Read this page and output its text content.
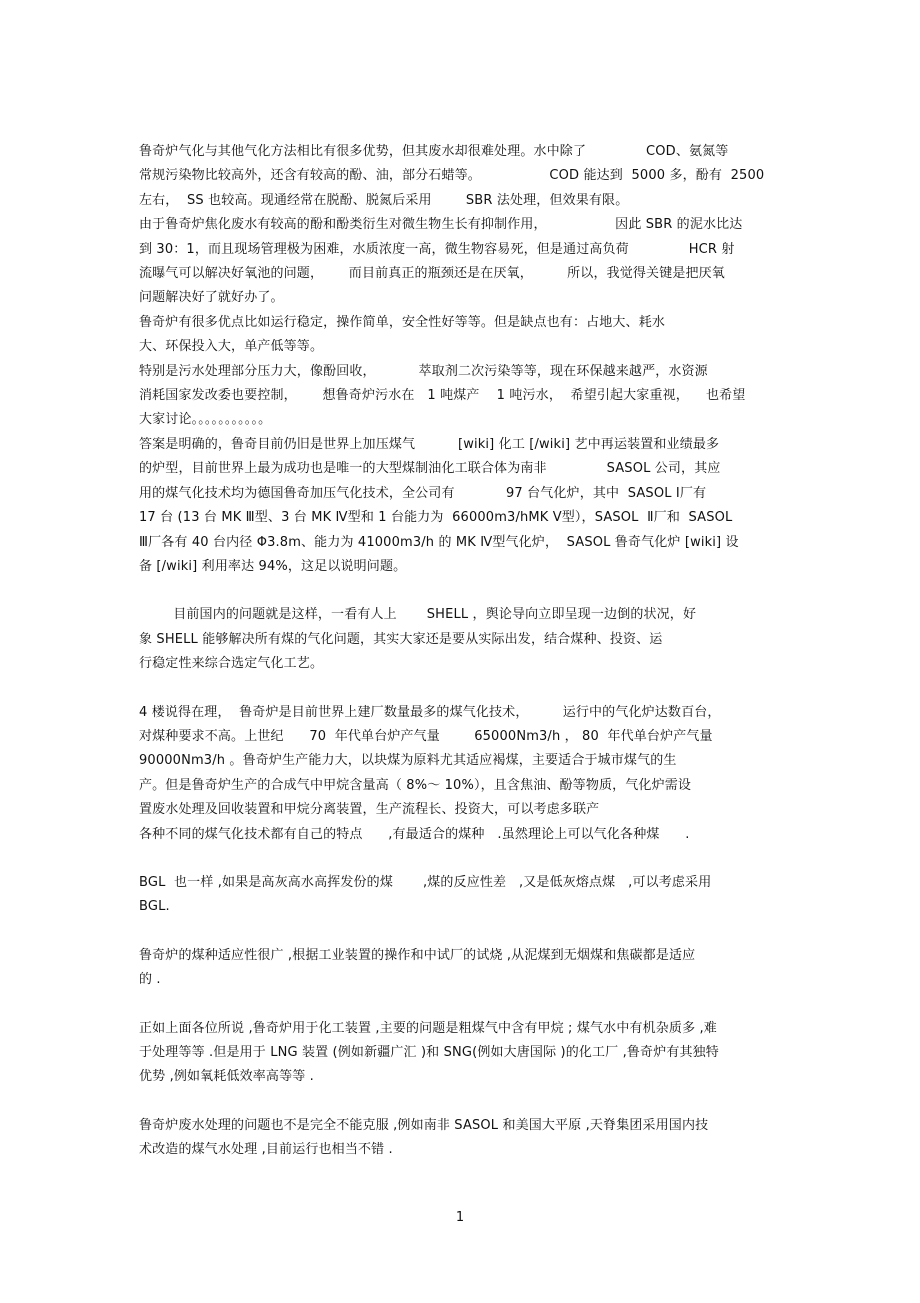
鲁奇炉气化与其他气化方法相比有很多优势，但其废水却很难处理。水中除了              COD、氨氮等
常规污染物比较高外，还含有较高的酚、油，部分石蜡等。                COD 能达到  5000 多，酚有  2500
左右，  SS 也较高。现通经常在脱酚、脱氮后采用        SBR 法处理，但效果有限。
由于鲁奇炉焦化废水有较高的酚和酚类衍生对微生物生长有抑制作用，                因此 SBR 的泥水比达
到 30：1，而且现场管理极为困难，水质浓度一高，微生物容易死，但是通过高负荷              HCR 射
流曝气可以解决好氧池的问题，      而目前真正的瓶颈还是在厌氧，        所以，我觉得关键是把厌氧
问题解决好了就好办了。
鲁奇炉有很多优点比如运行稳定，操作简单，安全性好等等。但是缺点也有：占地大、耗水
大、环保投入大，单产低等等。
特别是污水处理部分压力大，像酚回收，          萃取剂二次污染等等，现在环保越来越严，水资源
消耗国家发改委也要控制，      想鲁奇炉污水在   1 吨煤产    1 吨污水，  希望引起大家重视，    也希望
大家讨论。。。。。。。。。。。
答案是明确的，鲁奇目前仍旧是世界上加压煤气          [wiki] 化工 [/wiki] 艺中再运装置和业绩最多
的炉型，目前世界上最为成功也是唯一的大型煤制油化工联合体为南非              SASOL 公司，其应
用的煤气化技术均为德国鲁奇加压气化技术，全公司有            97 台气化炉，其中  SASOL Ⅰ厂有
17 台 (13 台 MK Ⅲ型、3 台 MK Ⅳ型和 1 台能力为  66000m3/hMK Ⅴ型），SASOL  Ⅱ厂和  SASOL
Ⅲ厂各有 40 台内径 Φ3.8m、能力为 41000m3/h 的 MK Ⅳ型气化炉，  SASOL 鲁奇气化炉 [wiki] 设
备 [/wiki] 利用率达 94%，这足以说明问题。
目前国内的问题就是这样，一看有人上       SHELL ，舆论导向立即呈现一边倒的状况，好
象 SHELL 能够解决所有煤的气化问题，其实大家还是要从实际出发，结合煤种、投资、运
行稳定性来综合选定气化工艺。
4 楼说得在理，  鲁奇炉是目前世界上建厂数量最多的煤气化技术，        运行中的气化炉达数百台，
对煤种要求不高。上世纪      70  年代单台炉产气量        65000Nm3/h ， 80  年代单台炉产气量
90000Nm3/h 。鲁奇炉生产能力大，以块煤为原料尤其适应褐煤，主要适合于城市煤气的生
产。但是鲁奇炉生产的合成气中甲烷含量高（ 8%～ 10%），且含焦油、酚等物质，气化炉需设
置废水处理及回收装置和甲烷分离装置，生产流程长、投资大，可以考虑多联产
各种不同的煤气化技术都有自己的特点      ,有最适合的煤种   .虽然理论上可以气化各种煤      .
BGL  也一样 ,如果是高灰高水高挥发份的煤       ,煤的反应性差   ,又是低灰熔点煤   ,可以考虑采用
BGL.
鲁奇炉的煤种适应性很广 ,根据工业装置的操作和中试厂的试烧 ,从泥煤到无烟煤和焦碳都是适应
的 .
正如上面各位所说 ,鲁奇炉用于化工装置 ,主要的问题是粗煤气中含有甲烷 ; 煤气水中有机杂质多 ,难
于处理等等 .但是用于 LNG 装置 (例如新疆广汇 )和 SNG(例如大唐国际 )的化工厂 ,鲁奇炉有其独特
优势 ,例如氧耗低效率高等等 .
鲁奇炉废水处理的问题也不是完全不能克服 ,例如南非 SASOL 和美国大平原 ,天脊集团采用国内技
术改造的煤气水处理 ,目前运行也相当不错 .
1
